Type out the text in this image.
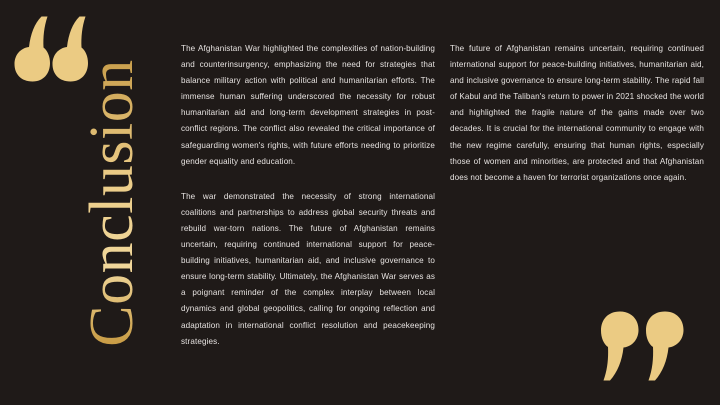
Conclusion

The Afghanistan War highlighted the complexities of nation-building and counterinsurgency, emphasizing the need for strategies that balance military action with political and humanitarian efforts. The immense human suffering underscored the necessity for robust humanitarian aid and long-term development strategies in post-conflict regions. The conflict also revealed the critical importance of safeguarding women's rights, with future efforts needing to prioritize gender equality and education.

The war demonstrated the necessity of strong international coalitions and partnerships to address global security threats and rebuild war-torn nations. The future of Afghanistan remains uncertain, requiring continued international support for peace-building initiatives, humanitarian aid, and inclusive governance to ensure long-term stability. Ultimately, the Afghanistan War serves as a poignant reminder of the complex interplay between local dynamics and global geopolitics, calling for ongoing reflection and adaptation in international conflict resolution and peacekeeping strategies.

The future of Afghanistan remains uncertain, requiring continued international support for peace-building initiatives, humanitarian aid, and inclusive governance to ensure long-term stability. The rapid fall of Kabul and the Taliban's return to power in 2021 shocked the world and highlighted the fragile nature of the gains made over two decades. It is crucial for the international community to engage with the new regime carefully, ensuring that human rights, especially those of women and minorities, are protected and that Afghanistan does not become a haven for terrorist organizations once again.
